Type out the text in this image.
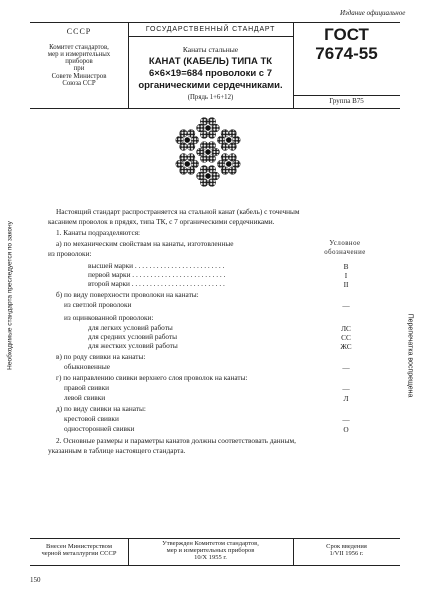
Издание официальное
СССР
Комитет стандартов,
мер и измерительных
приборов
при
Совете Министров
Союза ССР
ГОСУДАРСТВЕННЫЙ СТАНДАРТ
Канаты стальные
КАНАТ (КАБЕЛЬ) ТИПА ТК
6×6×19=684 проволоки с 7
органическими сердечниками.
(Прядь 1+6+12)
ГОСТ
7674-55
Группа В75
Необходимые стандарта преследуется по закону	Перепечатка воспрещена
Настоящий стандарт распространяется на стальной канат (кабель) с точечным
касанием проволок в прядях, типа ТК, с 7 органическими сердечниками.
1. Канаты подразделяются:
а) по механическим свойствам на канаты, изготовленные
из проволоки:
Условное
обозначение
высшей марки . . . . . . . . . . . . . . . . . . . . . . . . .	В
первой марки . . . . . . . . . . . . . . . . . . . . . . . . . .	I
второй марки . . . . . . . . . . . . . . . . . . . . . . . . . .	II
б) по виду поверхности проволоки на канаты:
из светлой проволоки	—
из оцинкованной проволоки:
для легких условий работы	ЛС
для средних условий работы	СС
для жестких условий работы	ЖС
в) по роду свивки на канаты:
обыкновенные	—
г) по направлению свивки верхнего слоя проволок на канаты:
правой свивки	—
левой свивки	Л
д) по виду свивки на канаты:
крестовой свивки	—
односторонней свивки	О
2. Основные размеры и параметры канатов должны соответствовать данным,
указанным в таблице настоящего стандарта.
Внесен Министерством
черной металлургии СССР
Утвержден Комитетом стандартов,
мер и измерительных приборов
10/X 1955 г.
Срок введения
1/VII 1956 г.
150
